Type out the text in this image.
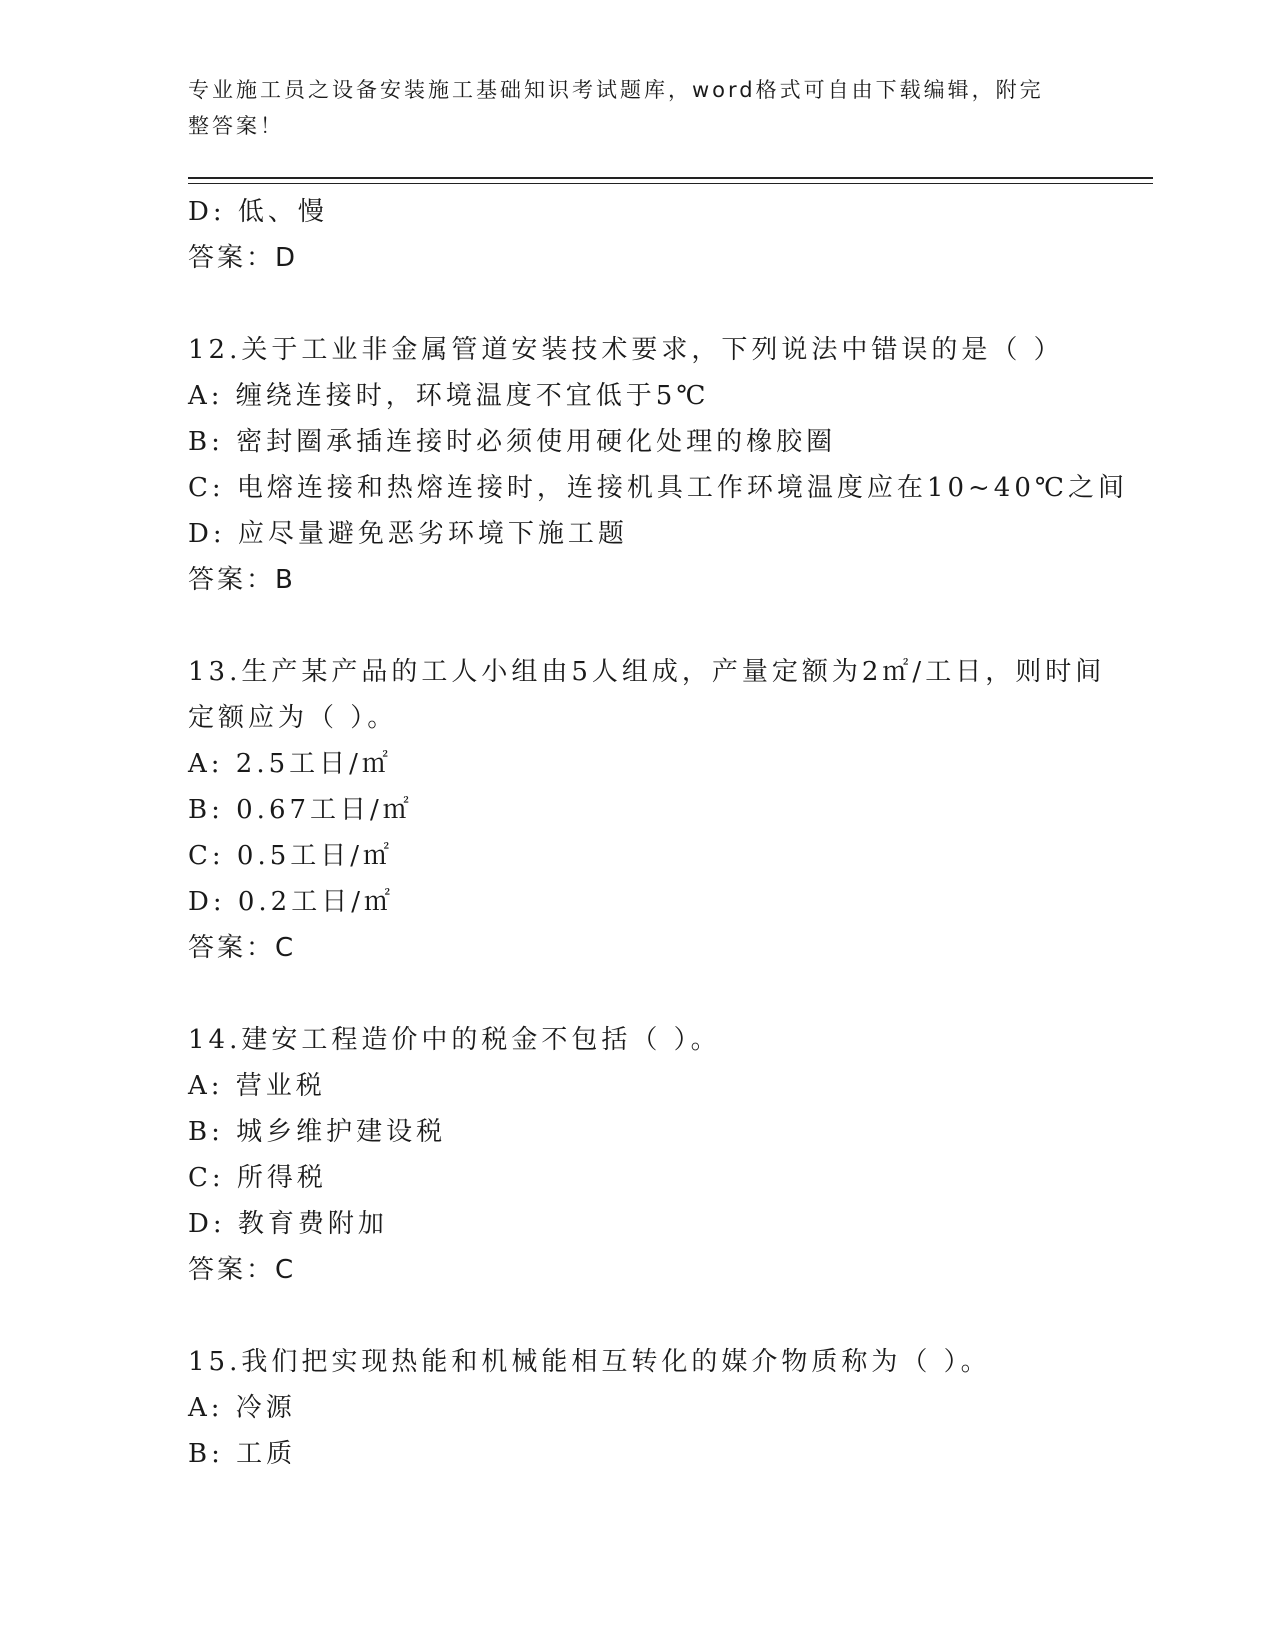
专业施工员之设备安装施工基础知识考试题库，word格式可自由下载编辑，附完
整答案！
D: 低、慢
答案：D
12.关于工业非金属管道安装技术要求，下列说法中错误的是（ ）
A: 缠绕连接时，环境温度不宜低于5℃
B: 密封圈承插连接时必须使用硬化处理的橡胶圈
C: 电熔连接和热熔连接时，连接机具工作环境温度应在10~40℃之间
D: 应尽量避免恶劣环境下施工题
答案：B
13.生产某产品的工人小组由5人组成，产量定额为2㎡/工日，则时间
定额应为（ ）。
A: 2.5工日/㎡
B: 0.67工日/㎡
C: 0.5工日/㎡
D: 0.2工日/㎡
答案：C
14.建安工程造价中的税金不包括（ ）。
A: 营业税
B: 城乡维护建设税
C: 所得税
D: 教育费附加
答案：C
15.我们把实现热能和机械能相互转化的媒介物质称为（ ）。
A: 冷源
B: 工质
